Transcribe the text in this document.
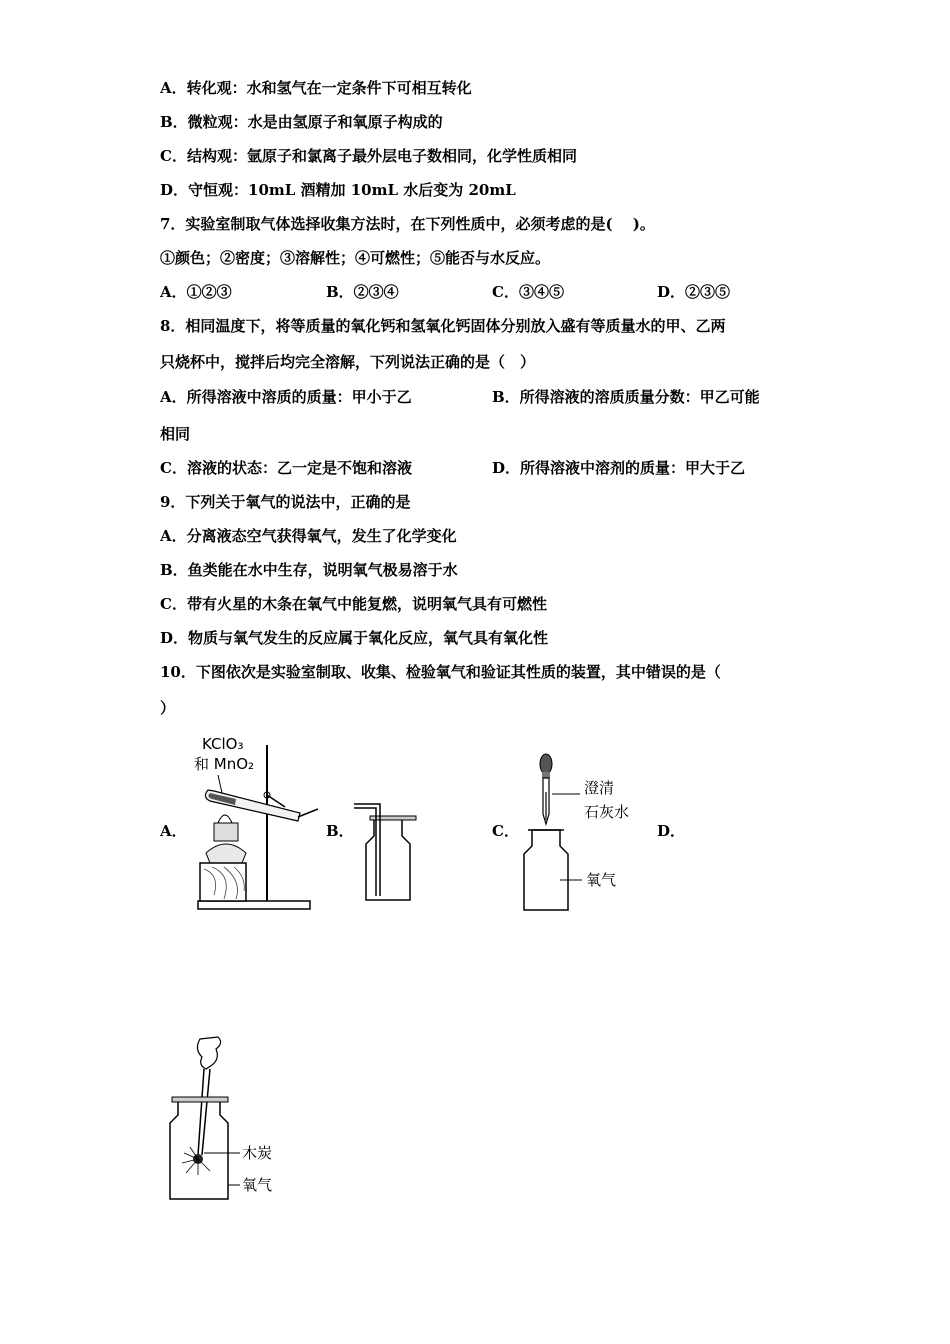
A．转化观：水和氢气在一定条件下可相互转化
B．微粒观：水是由氢原子和氧原子构成的
C．结构观：氩原子和氯离子最外层电子数相同，化学性质相同
D．守恒观：10mL 酒精加 10mL 水后变为 20mL
7．实验室制取气体选择收集方法时，在下列性质中，必须考虑的是(　 )。
①颜色；②密度；③溶解性；④可燃性；⑤能否与水反应。
A．①②③	B．②③④	C．③④⑤	D．②③⑤
8．相同温度下，将等质量的氧化钙和氢氧化钙固体分别放入盛有等质量水的甲、乙两
只烧杯中，搅拌后均完全溶解，下列说法正确的是（　）
A．所得溶液中溶质的质量：甲小于乙	B．所得溶液的溶质质量分数：甲乙可能
相同
C．溶液的状态：乙一定是不饱和溶液	D．所得溶液中溶剂的质量：甲大于乙
9．下列关于氧气的说法中，正确的是
A．分离液态空气获得氧气，发生了化学变化
B．鱼类能在水中生存，说明氧气极易溶于水
C．带有火星的木条在氧气中能复燃，说明氧气具有可燃性
D．物质与氧气发生的反应属于氧化反应，氧气具有氧化性
10．下图依次是实验室制取、收集、检验氧气和验证其性质的装置，其中错误的是（
）
A．	B．	C．	D．
KClO₃
和 MnO₂
澄清
石灰水
氧气
木炭
氧气
